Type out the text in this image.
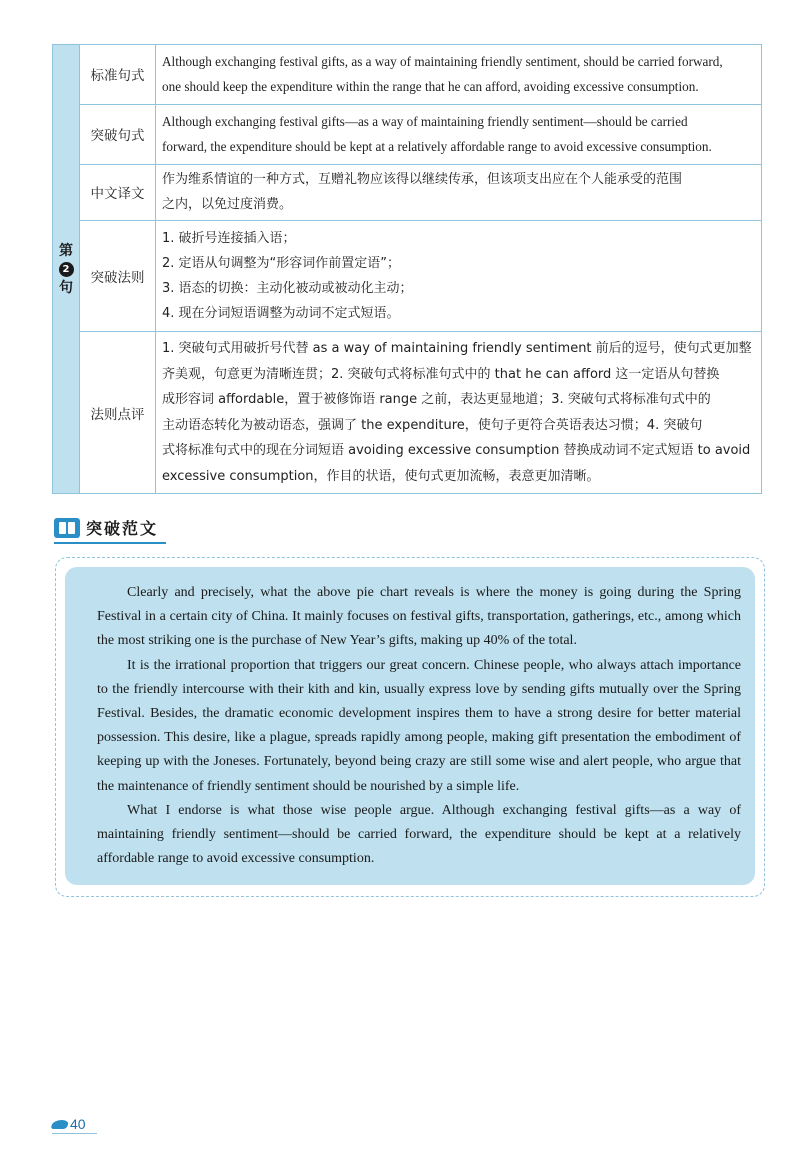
第
2
句
标准句式
Although exchanging festival gifts, as a way of maintaining friendly sentiment, should be carried forward,
one should keep the expenditure within the range that he can afford, avoiding excessive consumption.
突破句式
Although exchanging festival gifts—as a way of maintaining friendly sentiment—should be carried
forward, the expenditure should be kept at a relatively affordable range to avoid excessive consumption.
中文译文
作为维系情谊的一种方式，互赠礼物应该得以继续传承，但该项支出应在个人能承受的范围
之内，以免过度消费。
突破法则
1. 破折号连接插入语；
2. 定语从句调整为“形容词作前置定语”；
3. 语态的切换：主动化被动或被动化主动；
4. 现在分词短语调整为动词不定式短语。
法则点评
1. 突破句式用破折号代替 as a way of maintaining friendly sentiment 前后的逗号，使句式更加整
齐美观，句意更为清晰连贯；2. 突破句式将标准句式中的 that he can afford 这一定语从句替换
成形容词 affordable，置于被修饰语 range 之前，表达更显地道；3. 突破句式将标准句式中的
主动语态转化为被动语态，强调了 the expenditure，使句子更符合英语表达习惯；4. 突破句
式将标准句式中的现在分词短语 avoiding excessive consumption 替换成动词不定式短语 to avoid
excessive consumption，作目的状语，使句式更加流畅，表意更加清晰。
突破范文

Clearly and precisely, what the above pie chart reveals is where the money is going during the Spring Festival in a certain city of China. It mainly focuses on festival gifts, transportation, gatherings, etc., among which the most striking one is the purchase of New Year’s gifts, making up 40% of the total.

It is the irrational proportion that triggers our great concern. Chinese people, who always attach importance to the friendly intercourse with their kith and kin, usually express love by sending gifts mutually over the Spring Festival. Besides, the dramatic economic development inspires them to have a strong desire for better material possession. This desire, like a plague, spreads rapidly among people, making gift presentation the embodiment of keeping up with the Joneses. Fortunately, beyond being crazy are still some wise and alert people, who argue that the maintenance of friendly sentiment should be nourished by a simple life.

What I endorse is what those wise people argue. Although exchanging festival gifts—as a way of maintaining friendly sentiment—should be carried forward, the expenditure should be kept at a relatively affordable range to avoid excessive consumption.

40
